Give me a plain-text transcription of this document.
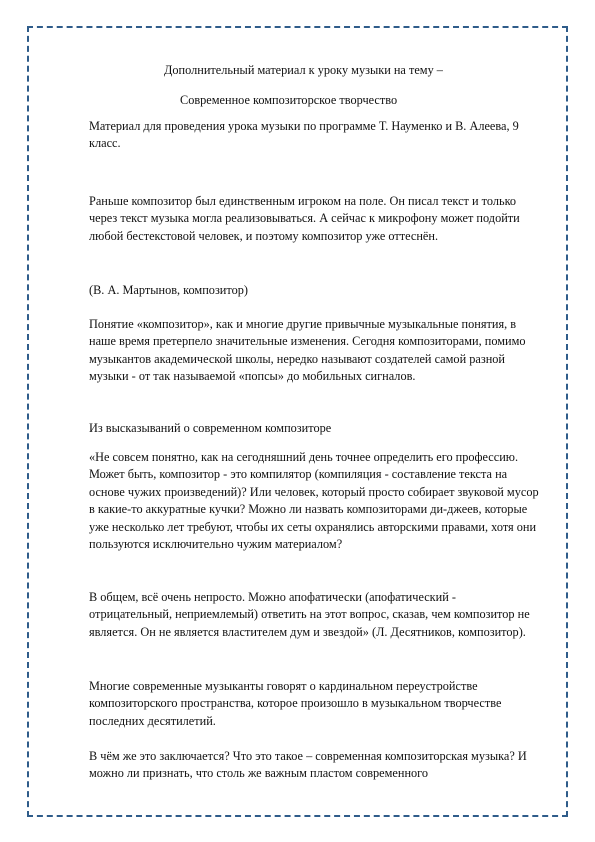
Дополнительный материал к уроку музыки на тему –
Современное композиторское творчество

Материал для проведения урока музыки по программе Т. Науменко и В. Алеева, 9 класс.

Раньше композитор был единственным игроком на поле. Он писал текст и только через текст музыка могла реализовываться. А сейчас к микрофону может подойти любой бестекстовой человек, и поэтому композитор уже оттеснён.

(В. А. Мартынов, композитор)

Понятие «композитор», как и многие другие привычные музыкальные понятия, в наше время претерпело значительные изменения. Сегодня композиторами, помимо музыкантов академической школы, нередко называют создателей самой разной музыки - от так называемой «попсы» до мобильных сигналов.

Из высказываний о современном композиторе

«Не совсем понятно, как на сегодняшний день точнее определить его профессию. Может быть, композитор - это компилятор (компиляция - составление текста на основе чужих произведений)? Или человек, который просто собирает звуковой мусор в какие-то аккуратные кучки? Можно ли назвать композиторами ди-джеев, которые уже несколько лет требуют, чтобы их сеты охранялись авторскими правами, хотя они пользуются исключительно чужим материалом?

В общем, всё очень непросто. Можно апофатически (апофатический - отрицательный, неприемлемый) ответить на этот вопрос, сказав, чем композитор не является. Он не является властителем дум и звездой» (Л. Десятников, композитор).

Многие современные музыканты говорят о кардинальном переустройстве композиторского пространства, которое произошло в музыкальном творчестве последних десятилетий.

В чём же это заключается? Что это такое – современная композиторская музыка? И можно ли признать, что столь же важным пластом современного
